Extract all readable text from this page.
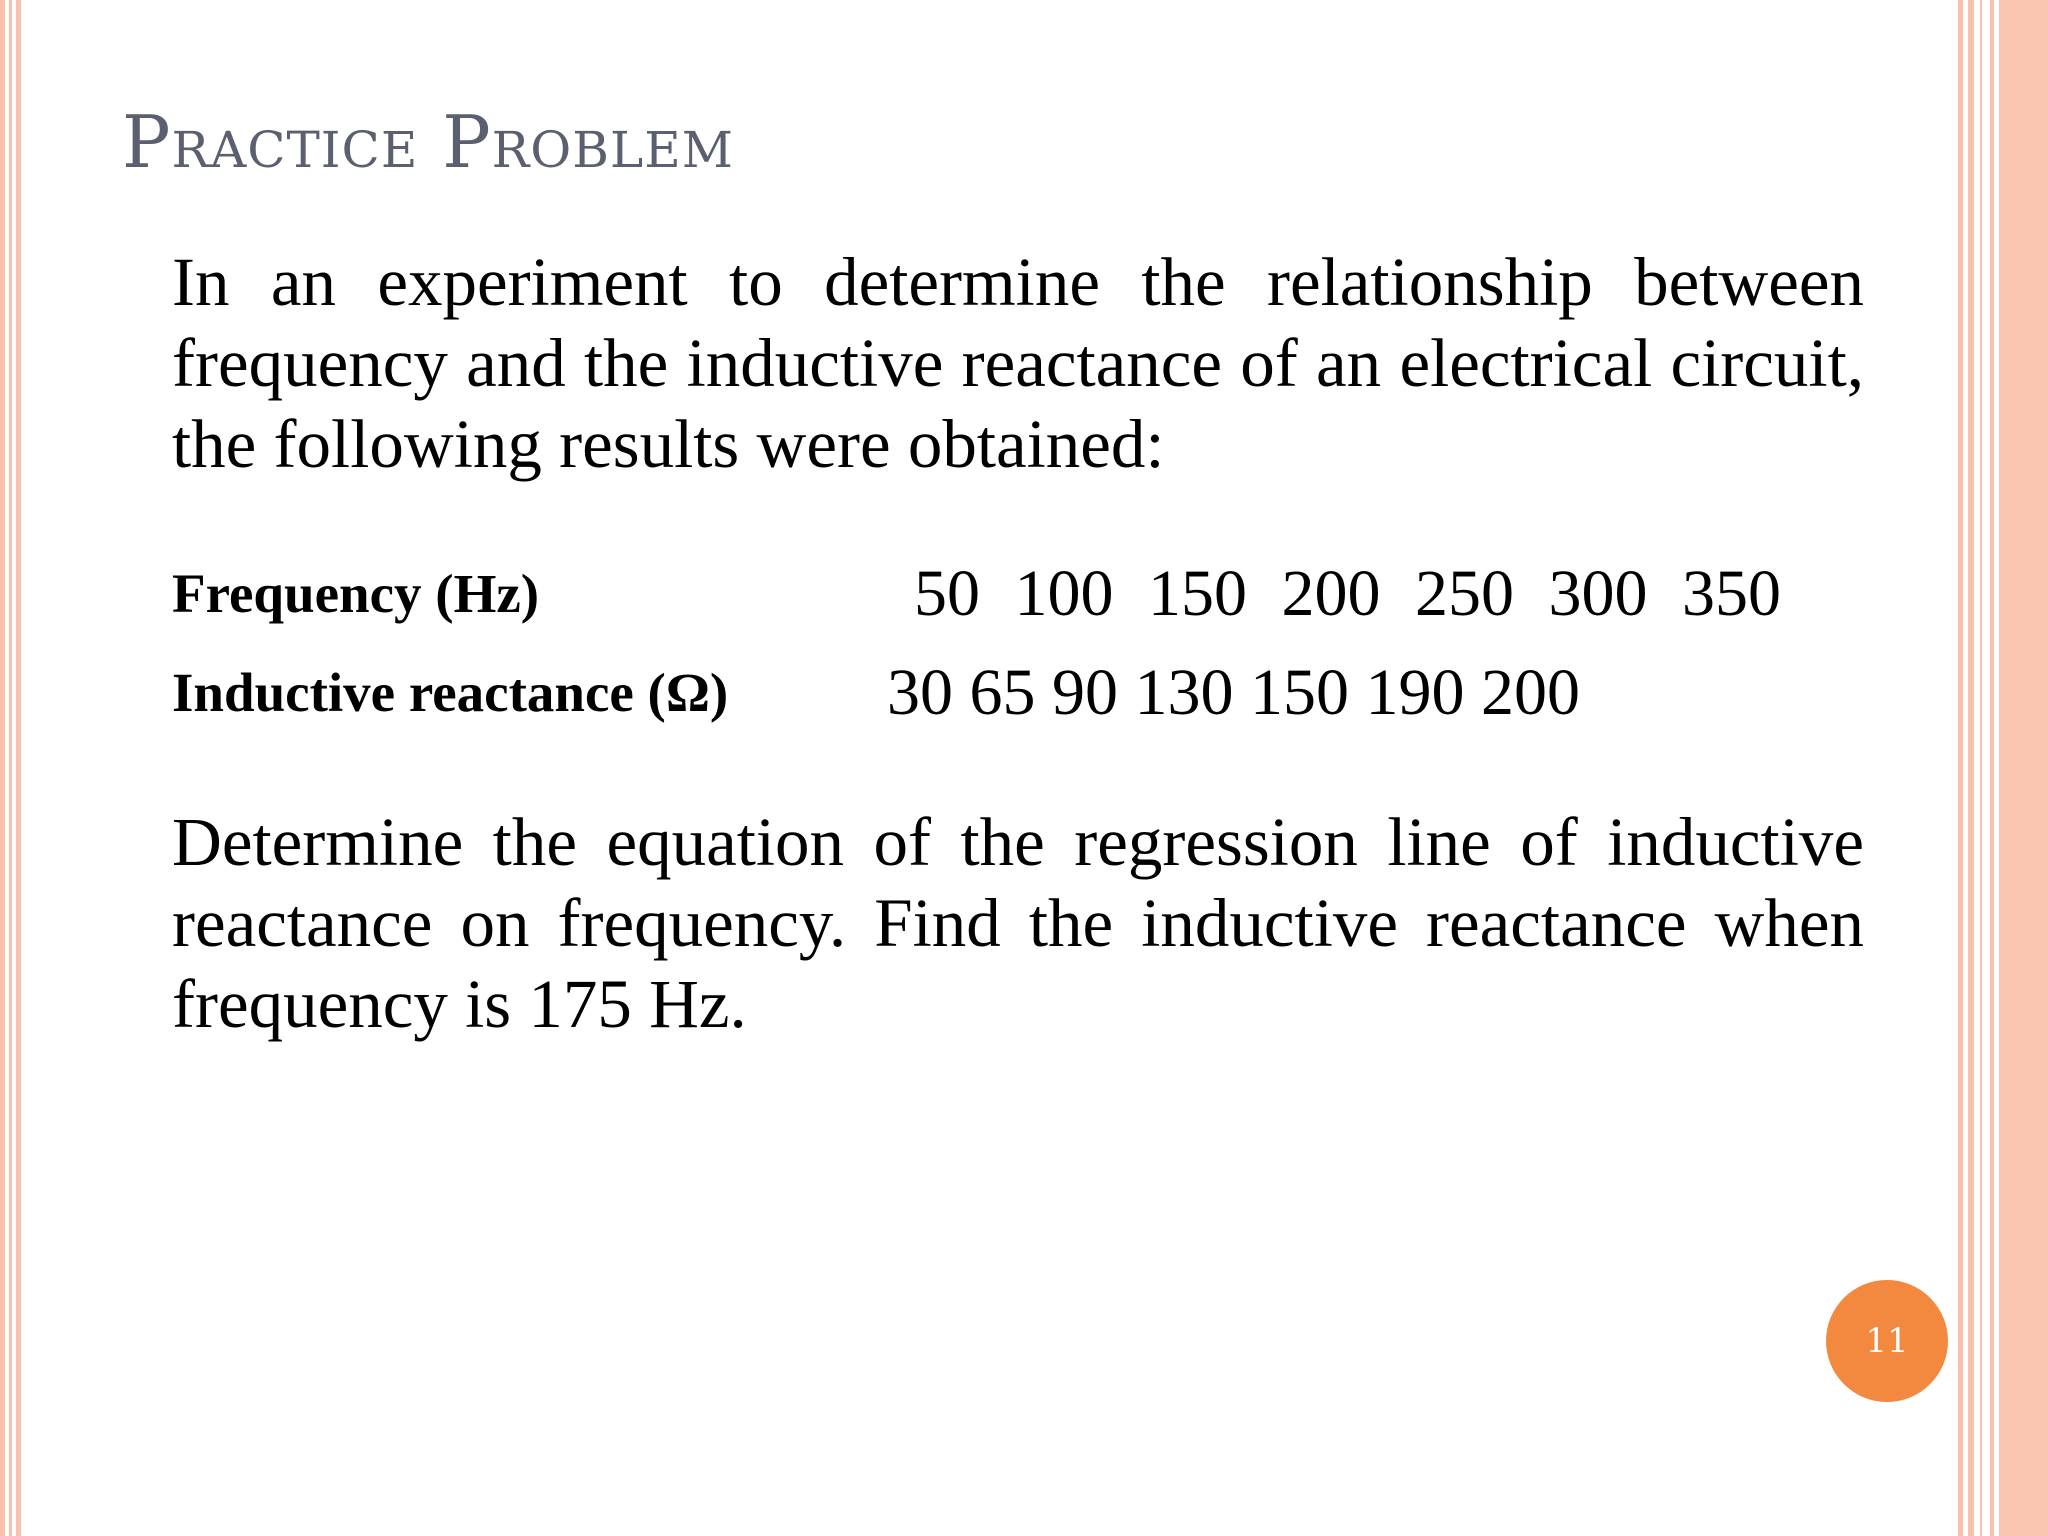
Practice Problem

In an experiment to determine the relationship between frequency and the inductive reactance of an electrical circuit, the following results were obtained:

Frequency (Hz)	50 100 150 200 250 300 350
Inductive reactance (Ω) 30 65 90 130 150 190 200

Determine the equation of the regression line of inductive reactance on frequency. Find the inductive reactance when frequency is 175 Hz.

11
